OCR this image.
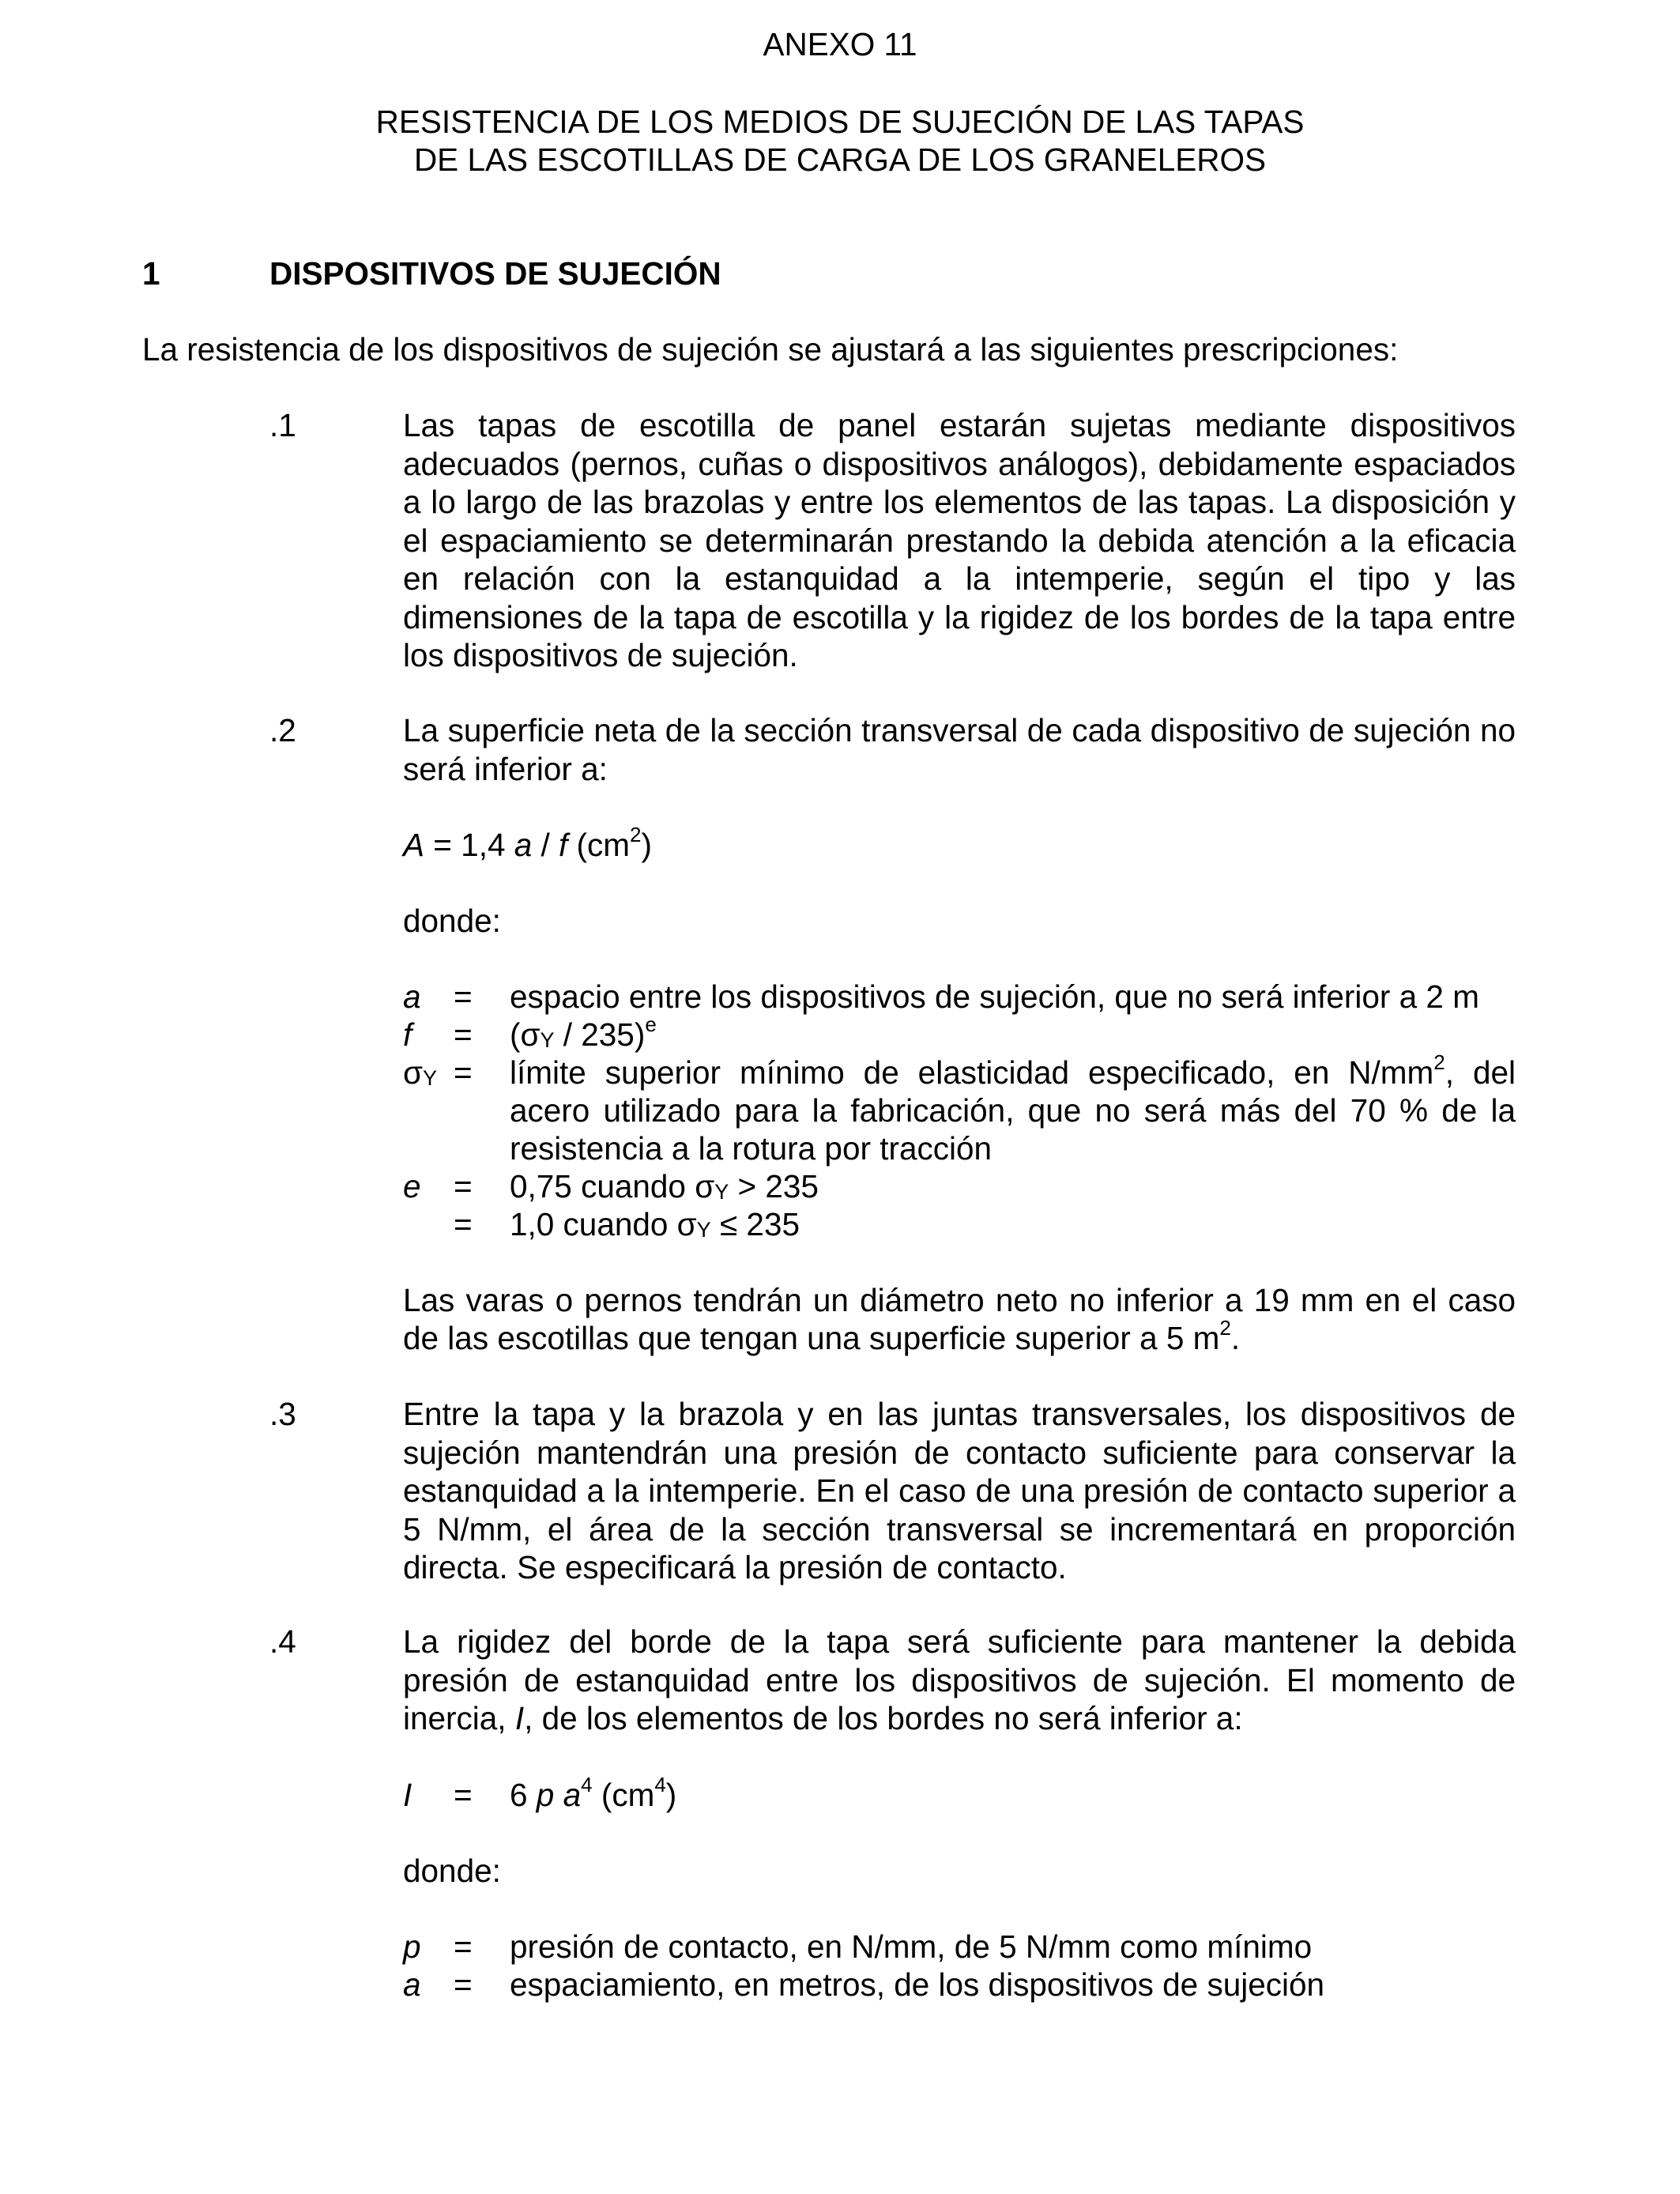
ANEXO 11
RESISTENCIA DE LOS MEDIOS DE SUJECIÓN DE LAS TAPAS
DE LAS ESCOTILLAS DE CARGA DE LOS GRANELEROS
1	DISPOSITIVOS DE SUJECIÓN
La resistencia de los dispositivos de sujeción se ajustará a las siguientes prescripciones:
.1	Las tapas de escotilla de panel estarán sujetas mediante dispositivos adecuados (pernos, cuñas o dispositivos análogos), debidamente espaciados a lo largo de las brazolas y entre los elementos de las tapas. La disposición y el espaciamiento se determinarán prestando la debida atención a la eficacia en relación con la estanquidad a la intemperie, según el tipo y las dimensiones de la tapa de escotilla y la rigidez de los bordes de la tapa entre los dispositivos de sujeción.
.2	La superficie neta de la sección transversal de cada dispositivo de sujeción no será inferior a:
A = 1,4 a / f $(cm^2)$
donde:
a = espacio entre los dispositivos de sujeción, que no será inferior a 2 m
$f = (\sigma_Y / 235)^e$
$\sigma_Y$ = límite superior mínimo de elasticidad especificado, en $N/mm^2$, del
acero utilizado para la fabricación, que no será más del 70 % de la
resistencia a la rotura por tracción
e = 0,75 cuando $\sigma_Y > 235$
= 1,0 cuando $\sigma_Y \le 235$
Las varas o pernos tendrán un diámetro neto no inferior a 19 mm en el caso
de las escotillas que tengan una superficie superior a 5 $m^2$.
.3	Entre la tapa y la brazola y en las juntas transversales, los dispositivos de sujeción mantendrán una presión de contacto suficiente para conservar la estanquidad a la intemperie. En el caso de una presión de contacto superior a 5 N/mm, el área de la sección transversal se incrementará en proporción directa. Se especificará la presión de contacto.
.4	La rigidez del borde de la tapa será suficiente para mantener la debida presión de estanquidad entre los dispositivos de sujeción. El momento de inercia, I, de los elementos de los bordes no será inferior a:
I = 6 p $a^4$ $(cm^4)$
donde:
p = presión de contacto, en N/mm, de 5 N/mm como mínimo
a = espaciamiento, en metros, de los dispositivos de sujeción
